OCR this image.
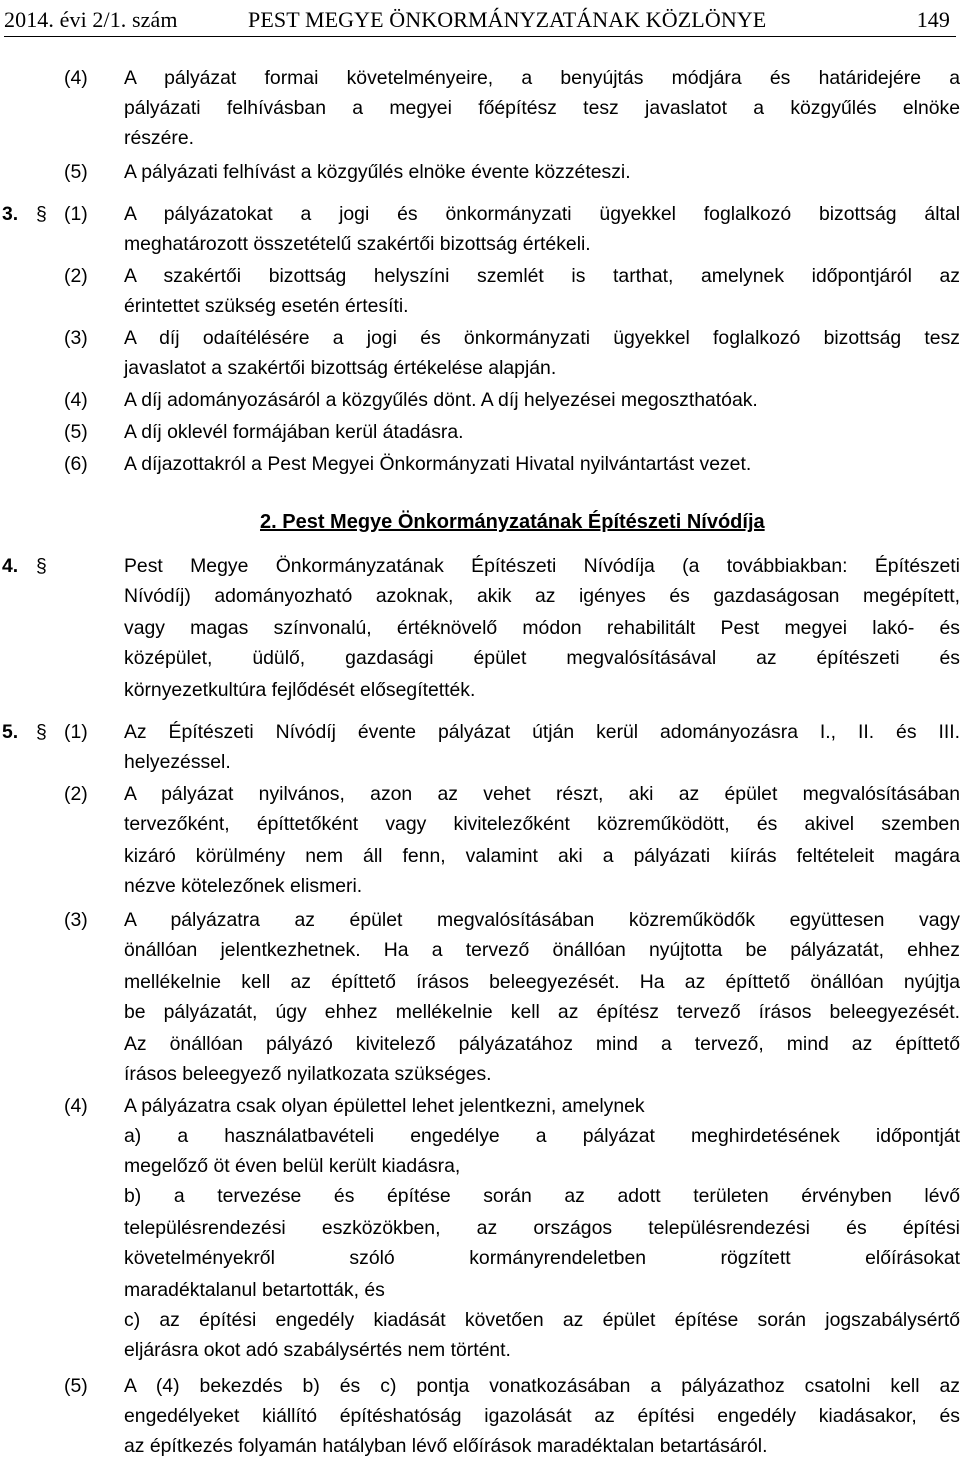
2014. évi 2/1. szám	PEST MEGYE ÖNKORMÁNYZATÁNAK KÖZLÖNYE	149
(4)	A pályázat formai követelményeire, a benyújtás módjára és határidejére a
pályázati felhívásban a megyei főépítész tesz javaslatot a közgyűlés elnöke
részére.
(5)	A pályázati felhívást a közgyűlés elnöke évente közzéteszi.
3. § (1)	A pályázatokat a jogi és önkormányzati ügyekkel foglalkozó bizottság által
meghatározott összetételű szakértői bizottság értékeli.
(2)	A szakértői bizottság helyszíni szemlét is tarthat, amelynek időpontjáról az
érintettet szükség esetén értesíti.
(3)	A díj odaítélésére a jogi és önkormányzati ügyekkel foglalkozó bizottság tesz
javaslatot a szakértői bizottság értékelése alapján.
(4)	A díj adományozásáról a közgyűlés dönt. A díj helyezései megoszthatóak.
(5)	A díj oklevél formájában kerül átadásra.
(6)	A díjazottakról a Pest Megyei Önkormányzati Hivatal nyilvántartást vezet.
2. Pest Megye Önkormányzatának Építészeti Nívódíja
4. §	Pest Megye Önkormányzatának Építészeti Nívódíja (a továbbiakban: Építészeti
Nívódíj) adományozható azoknak, akik az igényes és gazdaságosan megépített,
vagy magas színvonalú, értéknövelő módon rehabilitált Pest megyei lakó- és
középület, üdülő, gazdasági épület megvalósításával az építészeti és
környezetkultúra fejlődését elősegítették.
5. § (1)	Az Építészeti Nívódíj évente pályázat útján kerül adományozásra I., II. és III.
helyezéssel.
(2)	A pályázat nyilvános, azon az vehet részt, aki az épület megvalósításában
tervezőként, építtetőként vagy kivitelezőként közreműködött, és akivel szemben
kizáró körülmény nem áll fenn, valamint aki a pályázati kiírás feltételeit magára
nézve kötelezőnek elismeri.
(3)	A pályázatra az épület megvalósításában közreműködők együttesen vagy
önállóan jelentkezhetnek. Ha a tervező önállóan nyújtotta be pályázatát, ehhez
mellékelnie kell az építtető írásos beleegyezését. Ha az építtető önállóan nyújtja
be pályázatát, úgy ehhez mellékelnie kell az építész tervező írásos beleegyezését.
Az önállóan pályázó kivitelező pályázatához mind a tervező, mind az építtető
írásos beleegyező nyilatkozata szükséges.
(4)	A pályázatra csak olyan épülettel lehet jelentkezni, amelynek
a) a használatbavételi engedélye a pályázat meghirdetésének időpontját
megelőző öt éven belül került kiadásra,
b) a tervezése és építése során az adott területen érvényben lévő
településrendezési eszközökben, az országos településrendezési és építési
követelményekről szóló kormányrendeletben rögzített előírásokat
maradéktalanul betartották, és
c) az építési engedély kiadását követően az épület építése során jogszabálysértő
eljárásra okot adó szabálysértés nem történt.
(5)	A (4) bekezdés b) és c) pontja vonatkozásában a pályázathoz csatolni kell az
engedélyeket kiállító építéshatóság igazolását az építési engedély kiadásakor, és
az építkezés folyamán hatályban lévő előírások maradéktalan betartásáról.
